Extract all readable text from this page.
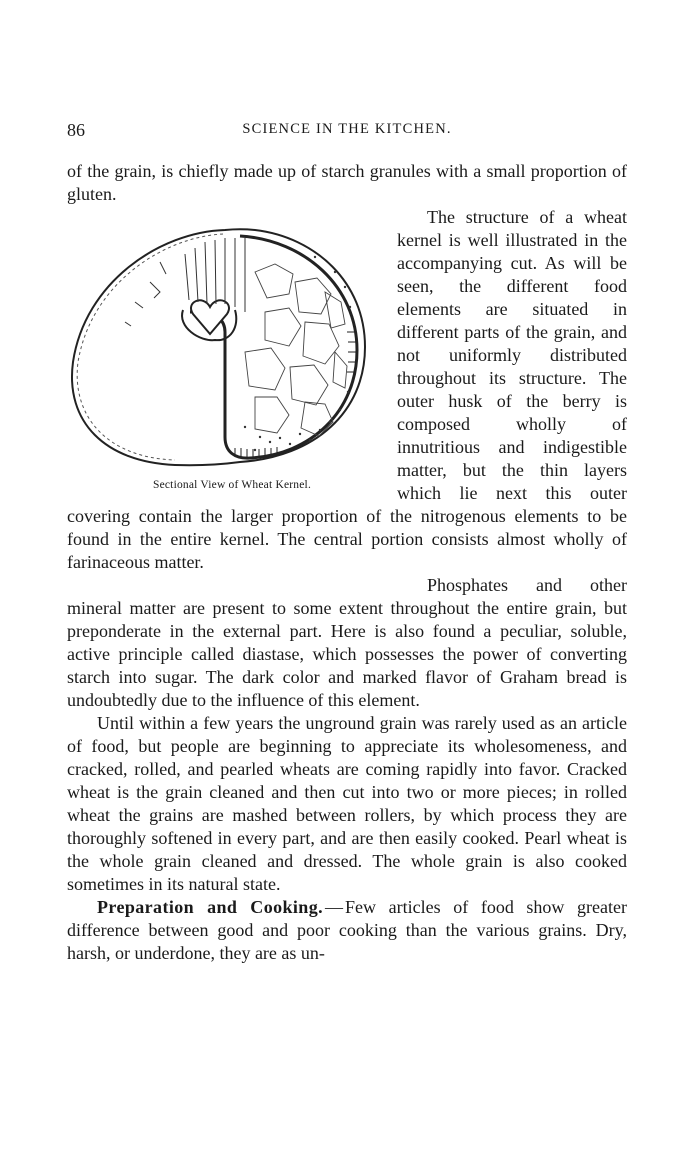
86	SCIENCE IN THE KITCHEN.

of the grain, is chiefly made up of starch granules with a small proportion of gluten.

Sectional View of Wheat Kernel.
The structure of a wheat kernel is well illustrated in the accompanying cut. As will be seen, the different food elements are situated in different parts of the grain, and not uniformly distributed throughout its structure. The outer husk of the berry is composed wholly of innutritious and indigestible matter, but the thin layers which lie next this outer covering contain the larger proportion of the nitrogenous elements to be found in the entire kernel. The central portion consists almost wholly of farinaceous matter.

Phosphates and other mineral matter are present to some extent throughout the entire grain, but preponderate in the external part. Here is also found a peculiar, soluble, active principle called diastase, which possesses the power of converting starch into sugar. The dark color and marked flavor of Graham bread is undoubtedly due to the influence of this element.

Until within a few years the unground grain was rarely used as an article of food, but people are beginning to appreciate its wholesomeness, and cracked, rolled, and pearled wheats are coming rapidly into favor. Cracked wheat is the grain cleaned and then cut into two or more pieces; in rolled wheat the grains are mashed between rollers, by which process they are thoroughly softened in every part, and are then easily cooked. Pearl wheat is the whole grain cleaned and dressed. The whole grain is also cooked sometimes in its natural state.

Preparation and Cooking. — Few articles of food show greater difference between good and poor cooking than the various grains. Dry, harsh, or underdone, they are as un-
